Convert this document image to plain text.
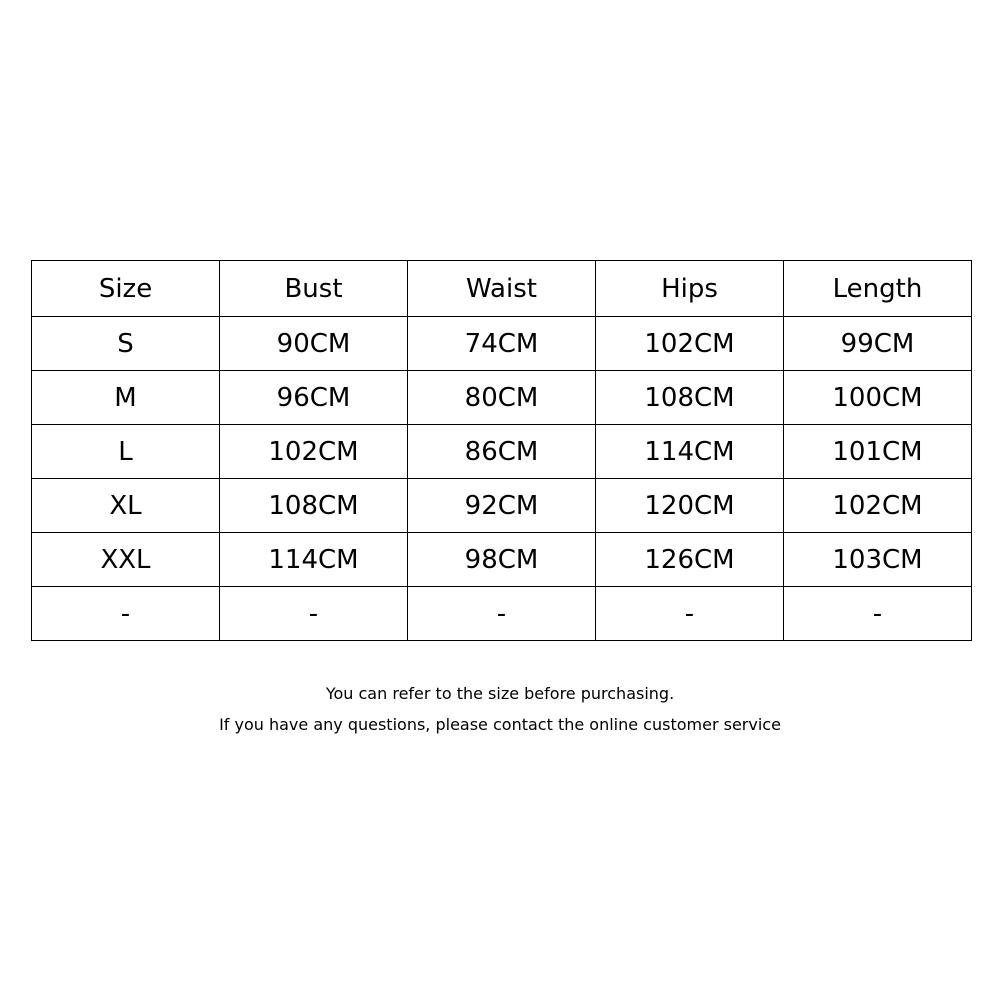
Size	Bust	Waist	Hips	Length
S	90CM	74CM	102CM	99CM
M	96CM	80CM	108CM	100CM
L	102CM	86CM	114CM	101CM
XL	108CM	92CM	120CM	102CM
XXL	114CM	98CM	126CM	103CM
-	-	-	-	-

You can refer to the size before purchasing.

If you have any questions, please contact the online customer service
